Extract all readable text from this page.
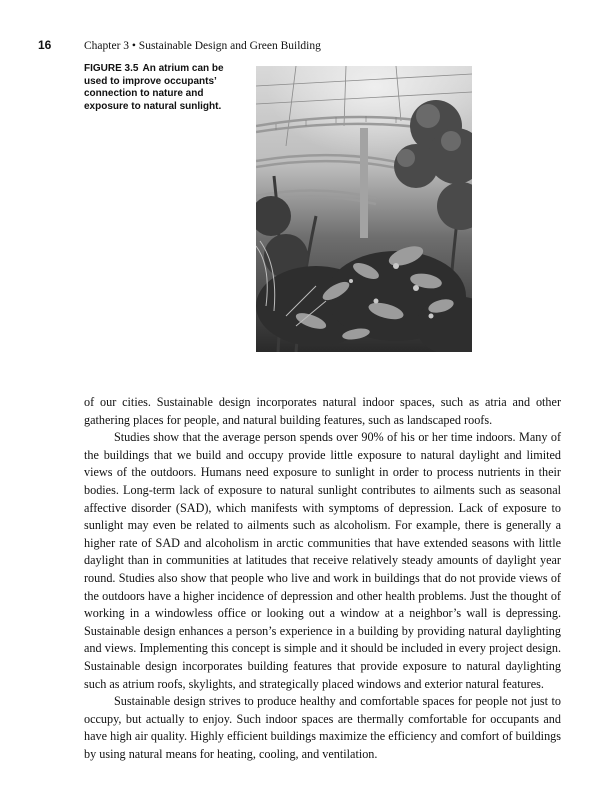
16	Chapter 3 • Sustainable Design and Green Building
FIGURE 3.5 An atrium can be used to improve occupants’ connection to nature and exposure to natural sunlight.

of our cities. Sustainable design incorporates natural indoor spaces, such as atria and other gathering places for people, and natural building features, such as landscaped roofs.

Studies show that the average person spends over 90% of his or her time indoors. Many of the buildings that we build and occupy provide little exposure to natural daylight and limited views of the outdoors. Humans need exposure to sunlight in order to process nutrients in their bodies. Long-term lack of exposure to natural sunlight contributes to ailments such as seasonal affective disorder (SAD), which manifests with symptoms of depression. Lack of exposure to sunlight may even be related to ailments such as alcoholism. For example, there is generally a higher rate of SAD and alcoholism in arctic communities that have extended seasons with little daylight than in communities at latitudes that receive relatively steady amounts of daylight year round. Studies also show that people who live and work in buildings that do not provide views of the outdoors have a higher incidence of depression and other health problems. Just the thought of working in a windowless office or looking out a window at a neighbor’s wall is depressing. Sustainable design enhances a person’s experience in a building by providing natural daylighting and views. Implementing this concept is simple and it should be included in every project design. Sustainable design incorporates building features that provide exposure to natural daylighting such as atrium roofs, skylights, and strategically placed windows and exterior natural features.

Sustainable design strives to produce healthy and comfortable spaces for people not just to occupy, but actually to enjoy. Such indoor spaces are thermally comfortable for occupants and have high air quality. Highly efficient buildings maximize the efficiency and comfort of buildings by using natural means for heating, cooling, and ventilation.
